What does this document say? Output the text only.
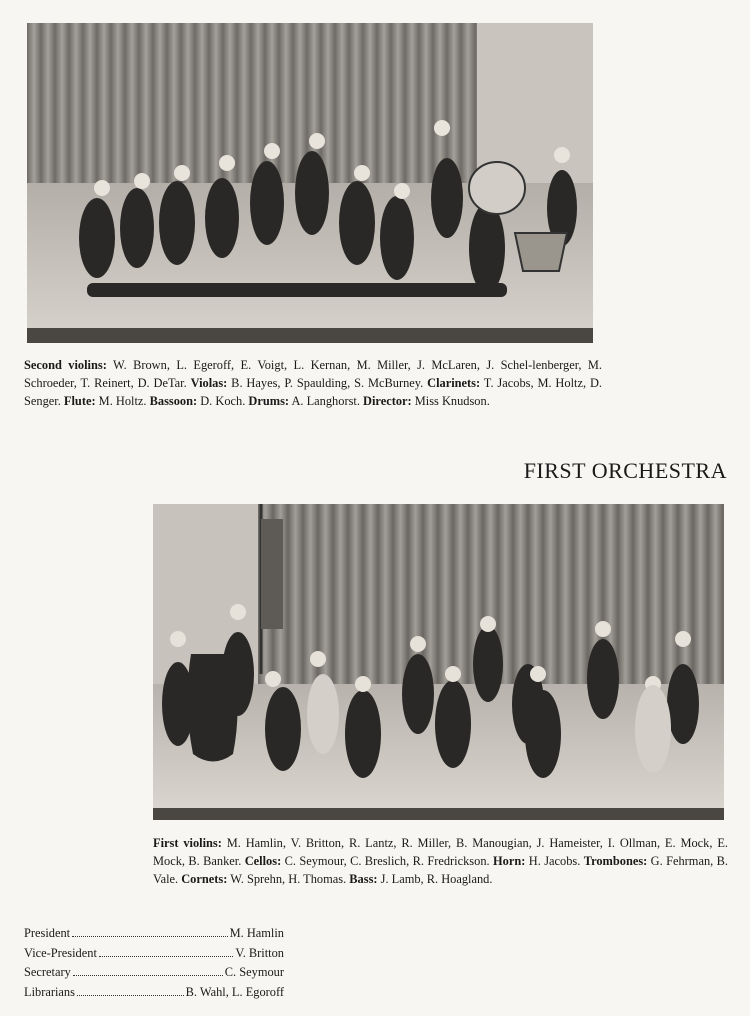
Second violins: W. Brown, L. Egeroff, E. Voigt, L. Kernan, M. Miller, J. McLaren, J. Schel-lenberger, M. Schroeder, T. Reinert, D. DeTar. Violas: B. Hayes, P. Spaulding, S. McBurney. Clarinets: T. Jacobs, M. Holtz, D. Senger. Flute: M. Holtz. Bassoon: D. Koch. Drums: A. Langhorst. Director: Miss Knudson.

FIRST ORCHESTRA

First violins: M. Hamlin, V. Britton, R. Lantz, R. Miller, B. Manougian, J. Hameister, I. Ollman, E. Mock, E. Mock, B. Banker. Cellos: C. Seymour, C. Breslich, R. Fredrickson. Horn: H. Jacobs. Trombones: G. Fehrman, B. Vale. Cornets: W. Sprehn, H. Thomas. Bass: J. Lamb, R. Hoagland.

President	M. Hamlin
Vice-President	V. Britton
Secretary	C. Seymour
Librarians	B. Wahl, L. Egoroff
